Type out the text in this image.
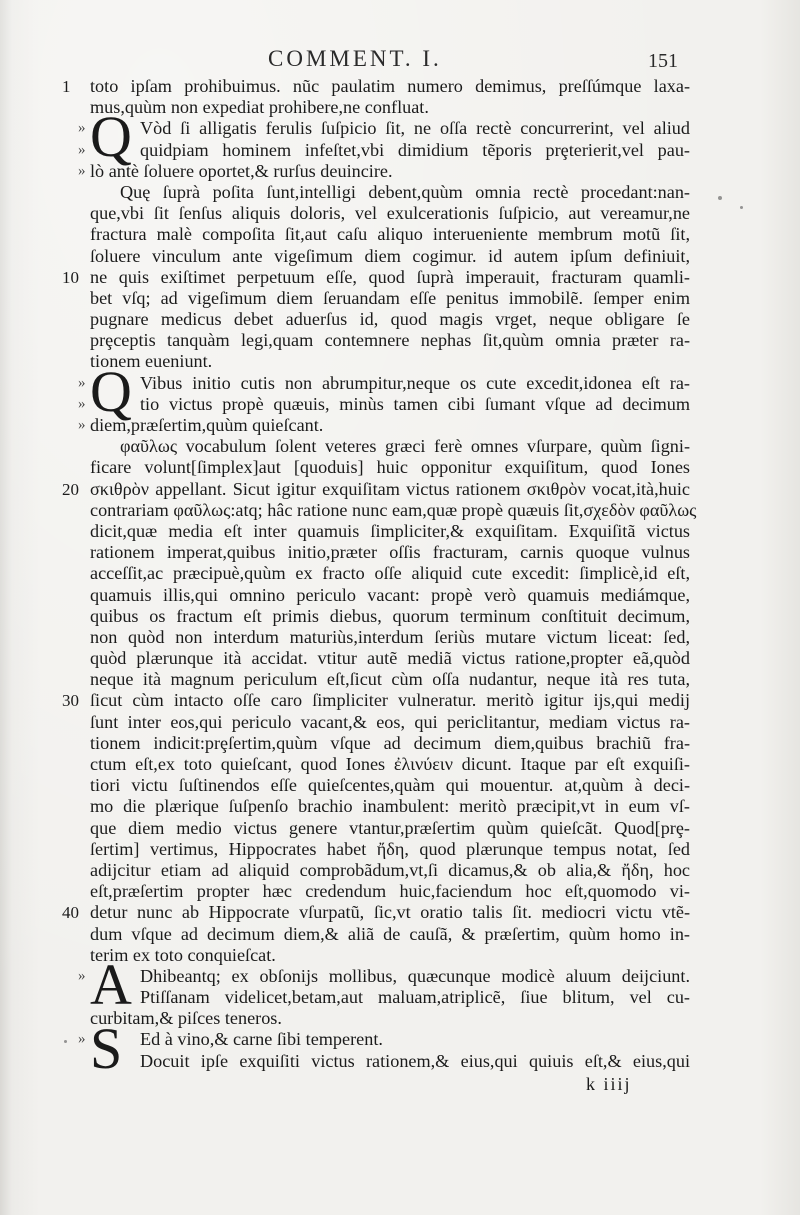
COMMENT. I.	151
1	toto ipſam prohibuimus. nũc paulatim numero demimus, preſſúmque laxa-
mus,quùm non expediat prohibere,ne confluat.
»	Vòd ſi alligatis ferulis ſuſpicio ſit, ne oſſa rectè concurrerint, vel aliud
»	quidpiam hominem infeſtet,vbi dimidium tẽporis prȩterierit,vel pau-
» lò antè ſoluere oportet,& rurſus deuincire.
Quę ſuprà poſita ſunt,intelligi debent,quùm omnia rectè procedant:nan-
que,vbi ſit ſenſus aliquis doloris, vel exulcerationis ſuſpicio, aut vereamur,ne
fractura malè compoſita ſit,aut caſu aliquo interueniente membrum motũ ſit,
ſoluere vinculum ante vigeſimum diem cogimur. id autem ipſum definiuit,
10 ne quis exiſtimet perpetuum eſſe, quod ſuprà imperauit, fracturam quamli-
bet vſq; ad vigeſimum diem ſeruandam eſſe penitus immobilẽ. ſemper enim
pugnare medicus debet aduerſus id, quod magis vrget, neque obligare ſe
prȩceptis tanquàm legi,quam contemnere nephas ſit,quùm omnia prӕter ra-
tionem eueniunt.
»	Vibus initio cutis non abrumpitur,neque os cute excedit,idonea eſt ra-
»	tio victus propè quӕuis, minùs tamen cibi ſumant vſque ad decimum
» diem,prӕſertim,quùm quieſcant.
φαῦλως vocabulum ſolent veteres grӕci ferè omnes vſurpare, quùm ſigni-
ficare volunt[ſimplex]aut [quoduis] huic opponitur exquiſitum, quod Iones
20 σκιθρὸν appellant. Sicut igitur exquiſitam victus rationem σκιθρὸν vocat,ità,huic
contrariam φαῦλως:atq; hâc ratione nunc eam,quӕ propè quӕuis ſit,σχεδὸν φαῦλως
dicit,quӕ media eſt inter quamuis ſimpliciter,& exquiſitam. Exquiſitã victus
rationem imperat,quibus initio,prӕter oſſis fracturam, carnis quoque vulnus
acceſſit,ac prӕcipuè,quùm ex fracto oſſe aliquid cute excedit: ſimplicè,id eſt,
quamuis illis,qui omnino periculo vacant: propè verò quamuis mediámque,
quibus os fractum eſt primis diebus, quorum terminum conſtituit decimum,
non quòd non interdum maturiùs,interdum ſeriùs mutare victum liceat: ſed,
quòd plӕrunque ità accidat. vtitur autẽ mediã victus ratione,propter eã,quòd
neque ità magnum periculum eſt,ſicut cùm oſſa nudantur, neque ità res tuta,
30 ſicut cùm intacto oſſe caro ſimpliciter vulneratur. meritò igitur ijs,qui medij
ſunt inter eos,qui periculo vacant,& eos, qui periclitantur, mediam victus ra-
tionem indicit:prȩſertim,quùm vſque ad decimum diem,quibus brachiũ fra-
ctum eſt,ex toto quieſcant, quod Iones ἐλινύειν dicunt. Itaque par eſt exquiſi-
tiori victu ſuſtinendos eſſe quieſcentes,quàm qui mouentur. at,quùm à deci-
mo die plӕrique ſuſpenſo brachio inambulent: meritò prӕcipit,vt in eum vſ-
que diem medio victus genere vtantur,prӕſertim quùm quieſcãt. Quod[prȩ-
ſertim] vertimus, Hippocrates habet ἤδη, quod plӕrunque tempus notat, ſed
adijcitur etiam ad aliquid comprobãdum,vt,ſi dicamus,& ob alia,& ἤδη, hoc
eſt,prӕſertim propter hӕc credendum huic,faciendum hoc eſt,quomodo vi-
40 detur nunc ab Hippocrate vſurpatũ, ſic,vt oratio talis ſit. mediocri victu vtẽ-
dum vſque ad decimum diem,& aliã de cauſã, & prӕſertim, quùm homo in-
terim ex toto conquieſcat.
»	Dhibeantq; ex obſonijs mollibus, quӕcunque modicè aluum deijciunt.
Ptiſſanam videlicet,betam,aut maluam,atriplicẽ, ſiue blitum, vel cu-
curbitam,& piſces teneros.
»	Ed à vino,& carne ſibi temperent.
Docuit ipſe exquiſiti victus rationem,& eius,qui quiuis eſt,& eius,qui
Q
Q
A
S
k iiij
